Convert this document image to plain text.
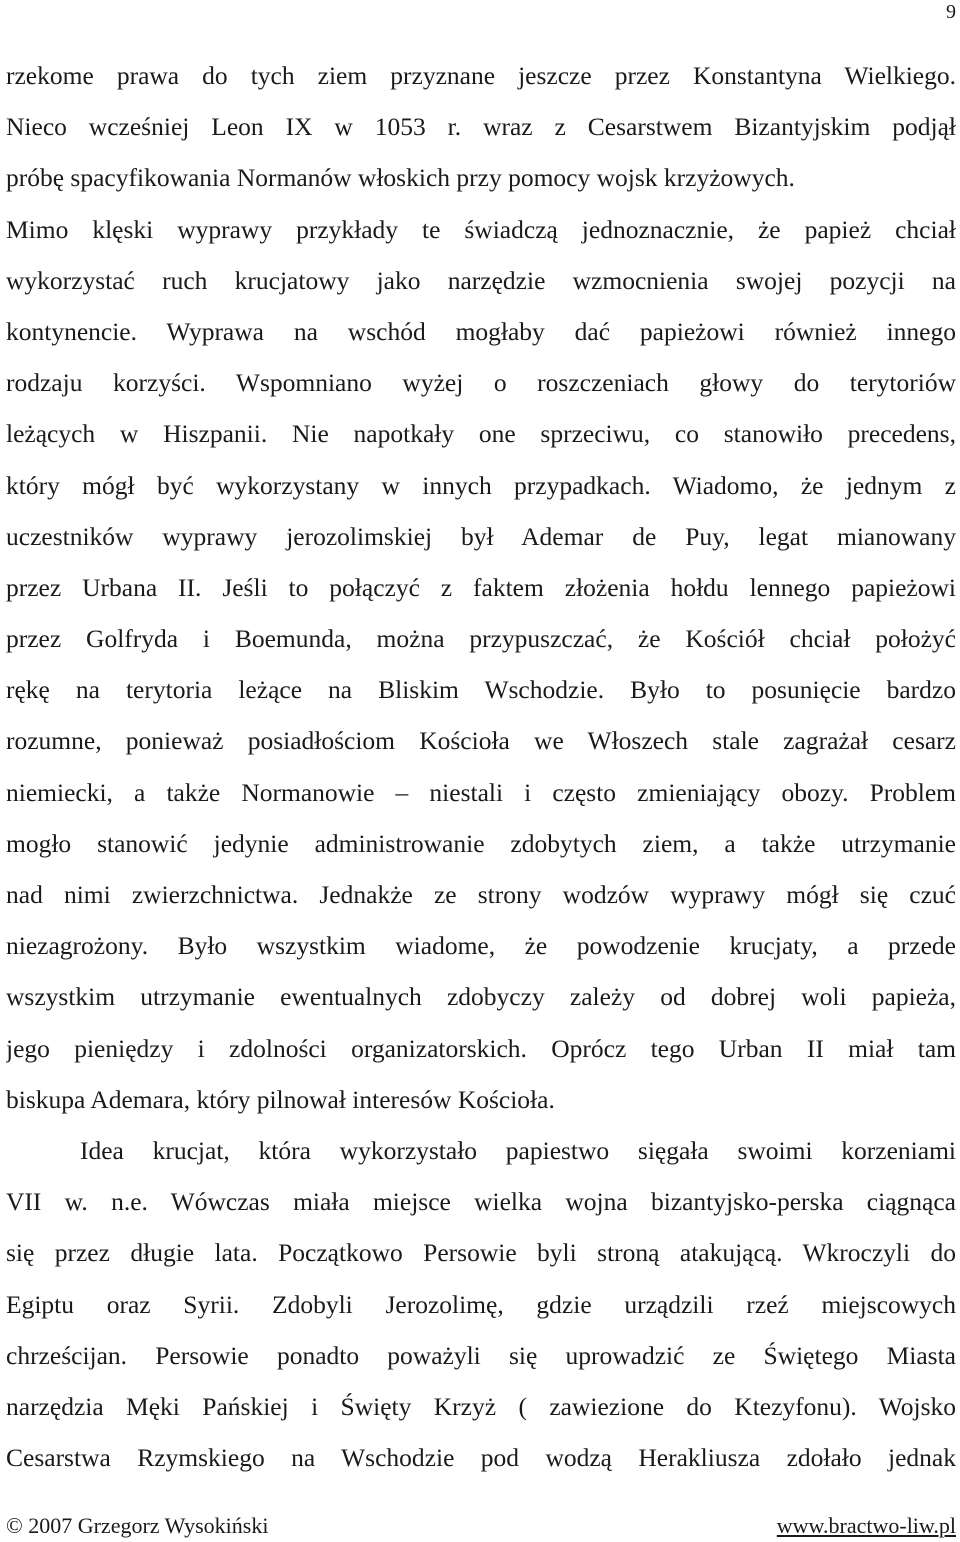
9
rzekome prawa do tych ziem przyznane jeszcze przez Konstantyna Wielkiego.
Nieco wcześniej Leon IX w 1053 r. wraz z Cesarstwem Bizantyjskim podjął
próbę spacyfikowania Normanów włoskich przy pomocy wojsk krzyżowych.
Mimo klęski wyprawy przykłady te świadczą jednoznacznie, że papież chciał
wykorzystać ruch krucjatowy jako narzędzie wzmocnienia swojej pozycji na
kontynencie. Wyprawa na wschód mogłaby dać papieżowi również innego
rodzaju korzyści. Wspomniano wyżej o roszczeniach głowy do terytoriów
leżących w Hiszpanii. Nie napotkały one sprzeciwu, co stanowiło precedens,
który mógł być wykorzystany w innych przypadkach. Wiadomo, że jednym z
uczestników wyprawy jerozolimskiej był Ademar de Puy, legat mianowany
przez Urbana II. Jeśli to połączyć z faktem złożenia hołdu lennego papieżowi
przez Golfryda i Boemunda, można przypuszczać, że Kościół chciał położyć
rękę na terytoria leżące na Bliskim Wschodzie. Było to posunięcie bardzo
rozumne, ponieważ posiadłościom Kościoła we Włoszech stale zagrażał cesarz
niemiecki, a także Normanowie – niestali i często zmieniający obozy. Problem
mogło stanowić jedynie administrowanie zdobytych ziem, a także utrzymanie
nad nimi zwierzchnictwa. Jednakże ze strony wodzów wyprawy mógł się czuć
niezagrożony. Było wszystkim wiadome, że powodzenie krucjaty, a przede
wszystkim utrzymanie ewentualnych zdobyczy zależy od dobrej woli papieża,
jego pieniędzy i zdolności organizatorskich. Oprócz tego Urban II miał tam
biskupa Ademara, który pilnował interesów Kościoła.
Idea krucjat, która wykorzystało papiestwo sięgała swoimi korzeniami
VII w. n.e. Wówczas miała miejsce wielka wojna bizantyjsko-perska ciągnąca
się przez długie lata. Początkowo Persowie byli stroną atakującą. Wkroczyli do
Egiptu oraz Syrii. Zdobyli Jerozolimę, gdzie urządzili rzeź miejscowych
chrześcijan. Persowie ponadto poważyli się uprowadzić ze Świętego Miasta
narzędzia Męki Pańskiej i Święty Krzyż ( zawiezione do Ktezyfonu). Wojsko
Cesarstwa Rzymskiego na Wschodzie pod wodzą Herakliusza zdołało jednak
© 2007 Grzegorz Wysokiński	www.bractwo-liw.pl
